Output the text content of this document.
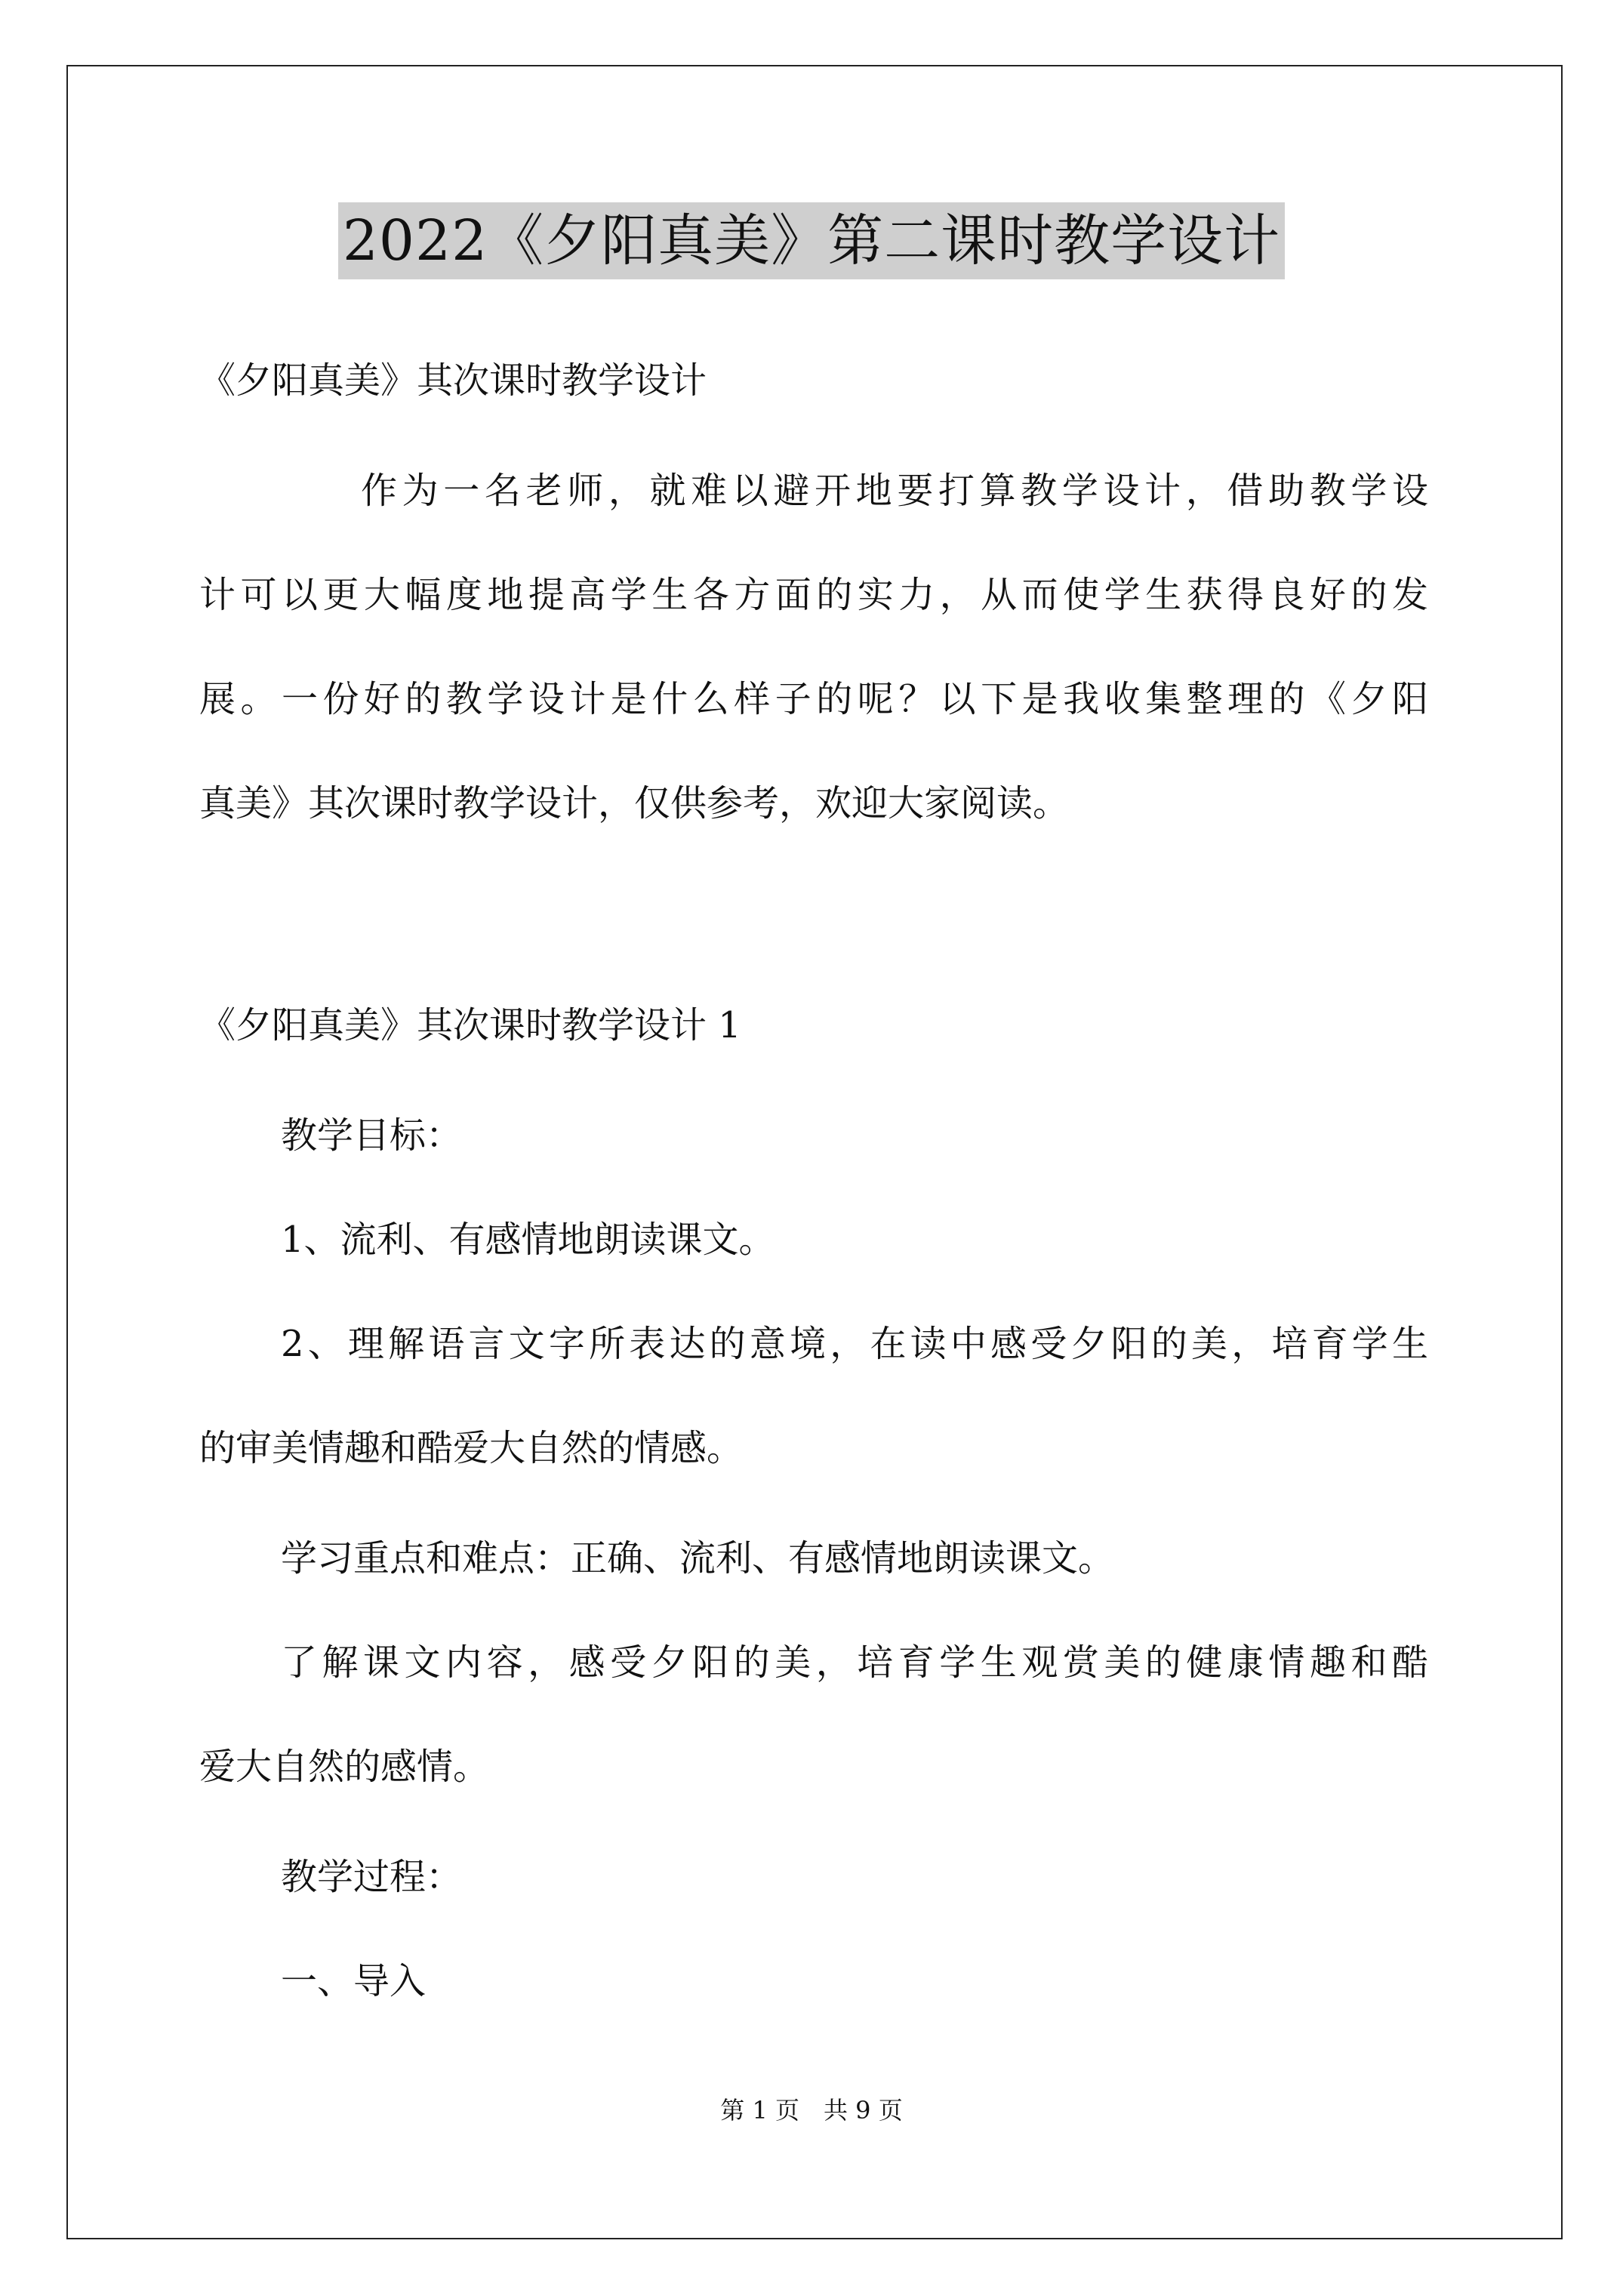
2022《夕阳真美》第二课时教学设计
《夕阳真美》其次课时教学设计
作为一名老师，就难以避开地要打算教学设计，借助教学设
计可以更大幅度地提高学生各方面的实力，从而使学生获得良好的发
展。一份好的教学设计是什么样子的呢？以下是我收集整理的《夕阳
真美》其次课时教学设计，仅供参考，欢迎大家阅读。
《夕阳真美》其次课时教学设计 1
教学目标：
1、流利、有感情地朗读课文。
2、理解语言文字所表达的意境，在读中感受夕阳的美，培育学生
的审美情趣和酷爱大自然的情感。
学习重点和难点：正确、流利、有感情地朗读课文。
了解课文内容，感受夕阳的美，培育学生观赏美的健康情趣和酷
爱大自然的感情。
教学过程：
一、导入
第 1 页　共 9 页
